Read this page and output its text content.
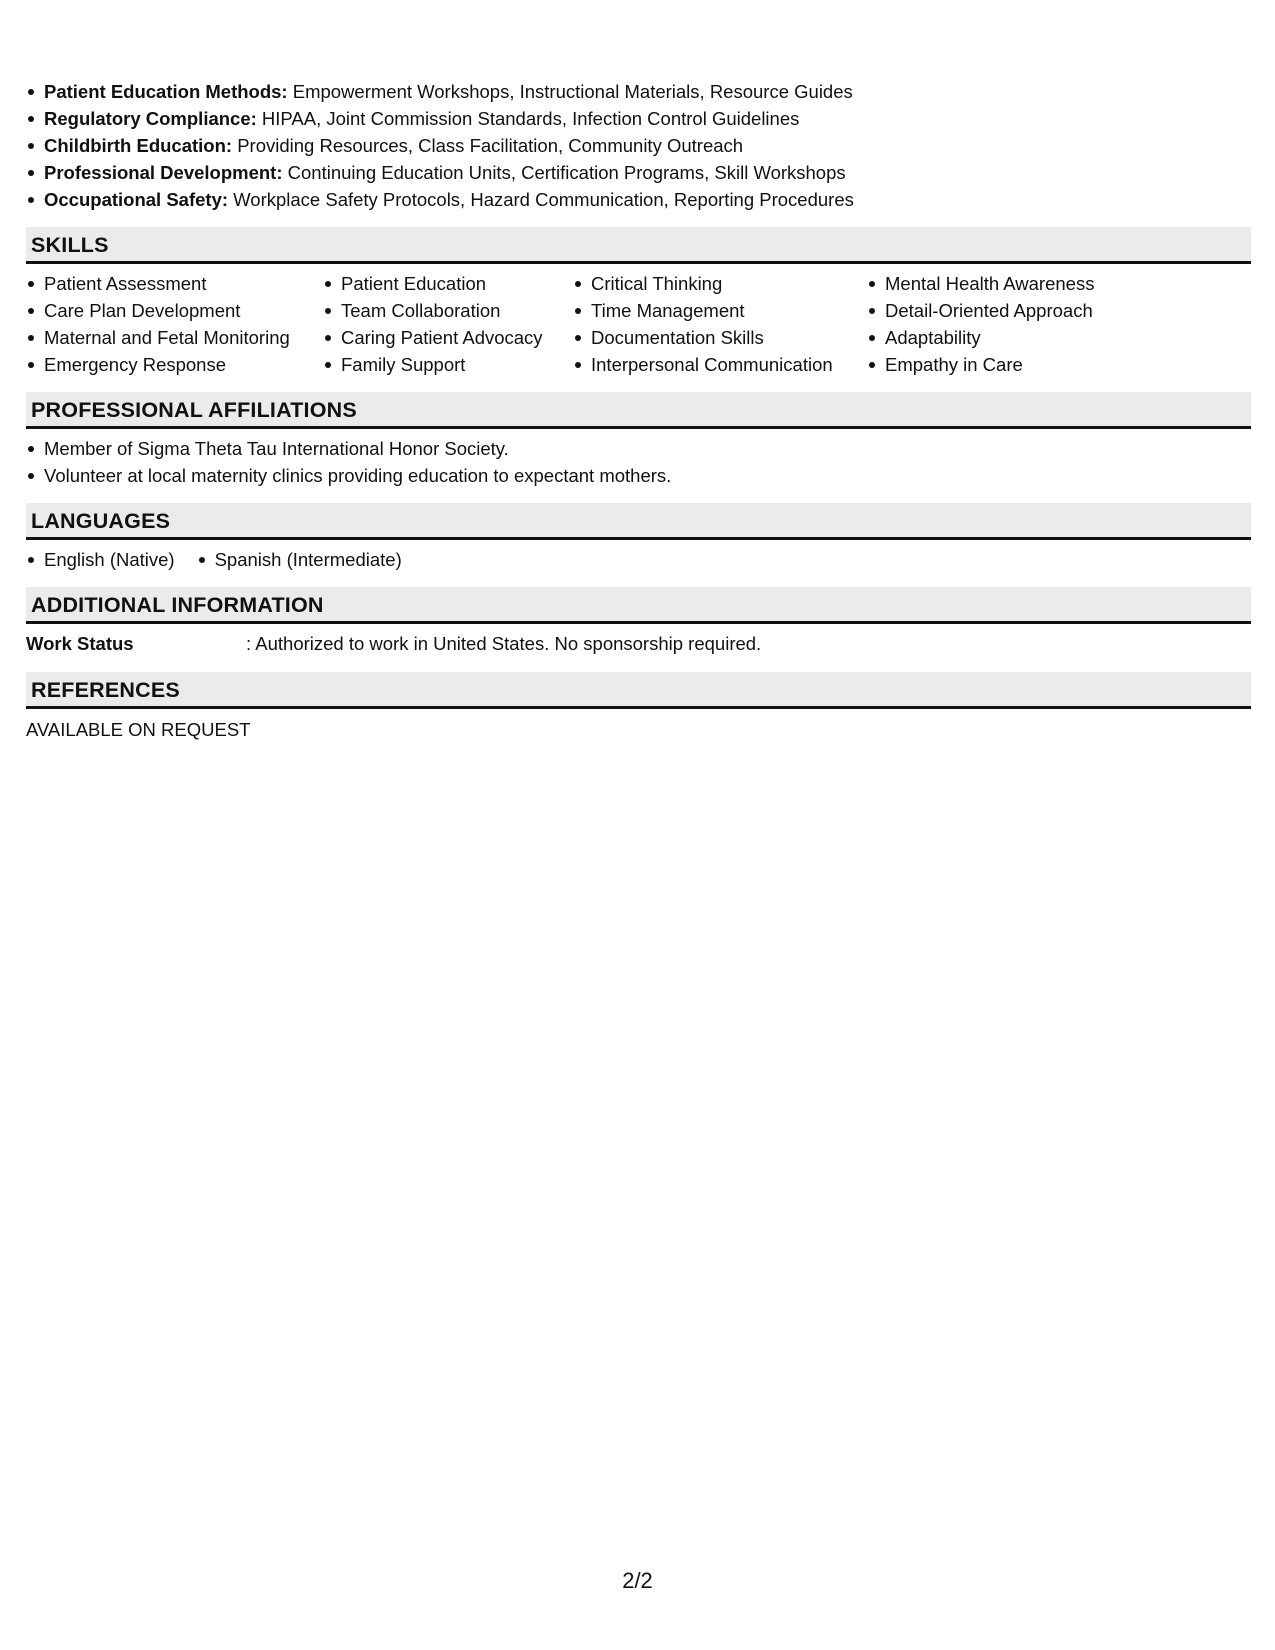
Patient Education Methods: Empowerment Workshops, Instructional Materials, Resource Guides
Regulatory Compliance: HIPAA, Joint Commission Standards, Infection Control Guidelines
Childbirth Education: Providing Resources, Class Facilitation, Community Outreach
Professional Development: Continuing Education Units, Certification Programs, Skill Workshops
Occupational Safety: Workplace Safety Protocols, Hazard Communication, Reporting Procedures
SKILLS
Patient Assessment
Care Plan Development
Maternal and Fetal Monitoring
Emergency Response
Patient Education
Team Collaboration
Caring Patient Advocacy
Family Support
Critical Thinking
Time Management
Documentation Skills
Interpersonal Communication
Mental Health Awareness
Detail-Oriented Approach
Adaptability
Empathy in Care
PROFESSIONAL AFFILIATIONS
Member of Sigma Theta Tau International Honor Society.
Volunteer at local maternity clinics providing education to expectant mothers.
LANGUAGES
English (Native)	Spanish (Intermediate)
ADDITIONAL INFORMATION
Work Status	: Authorized to work in United States. No sponsorship required.
REFERENCES
AVAILABLE ON REQUEST
2/2
